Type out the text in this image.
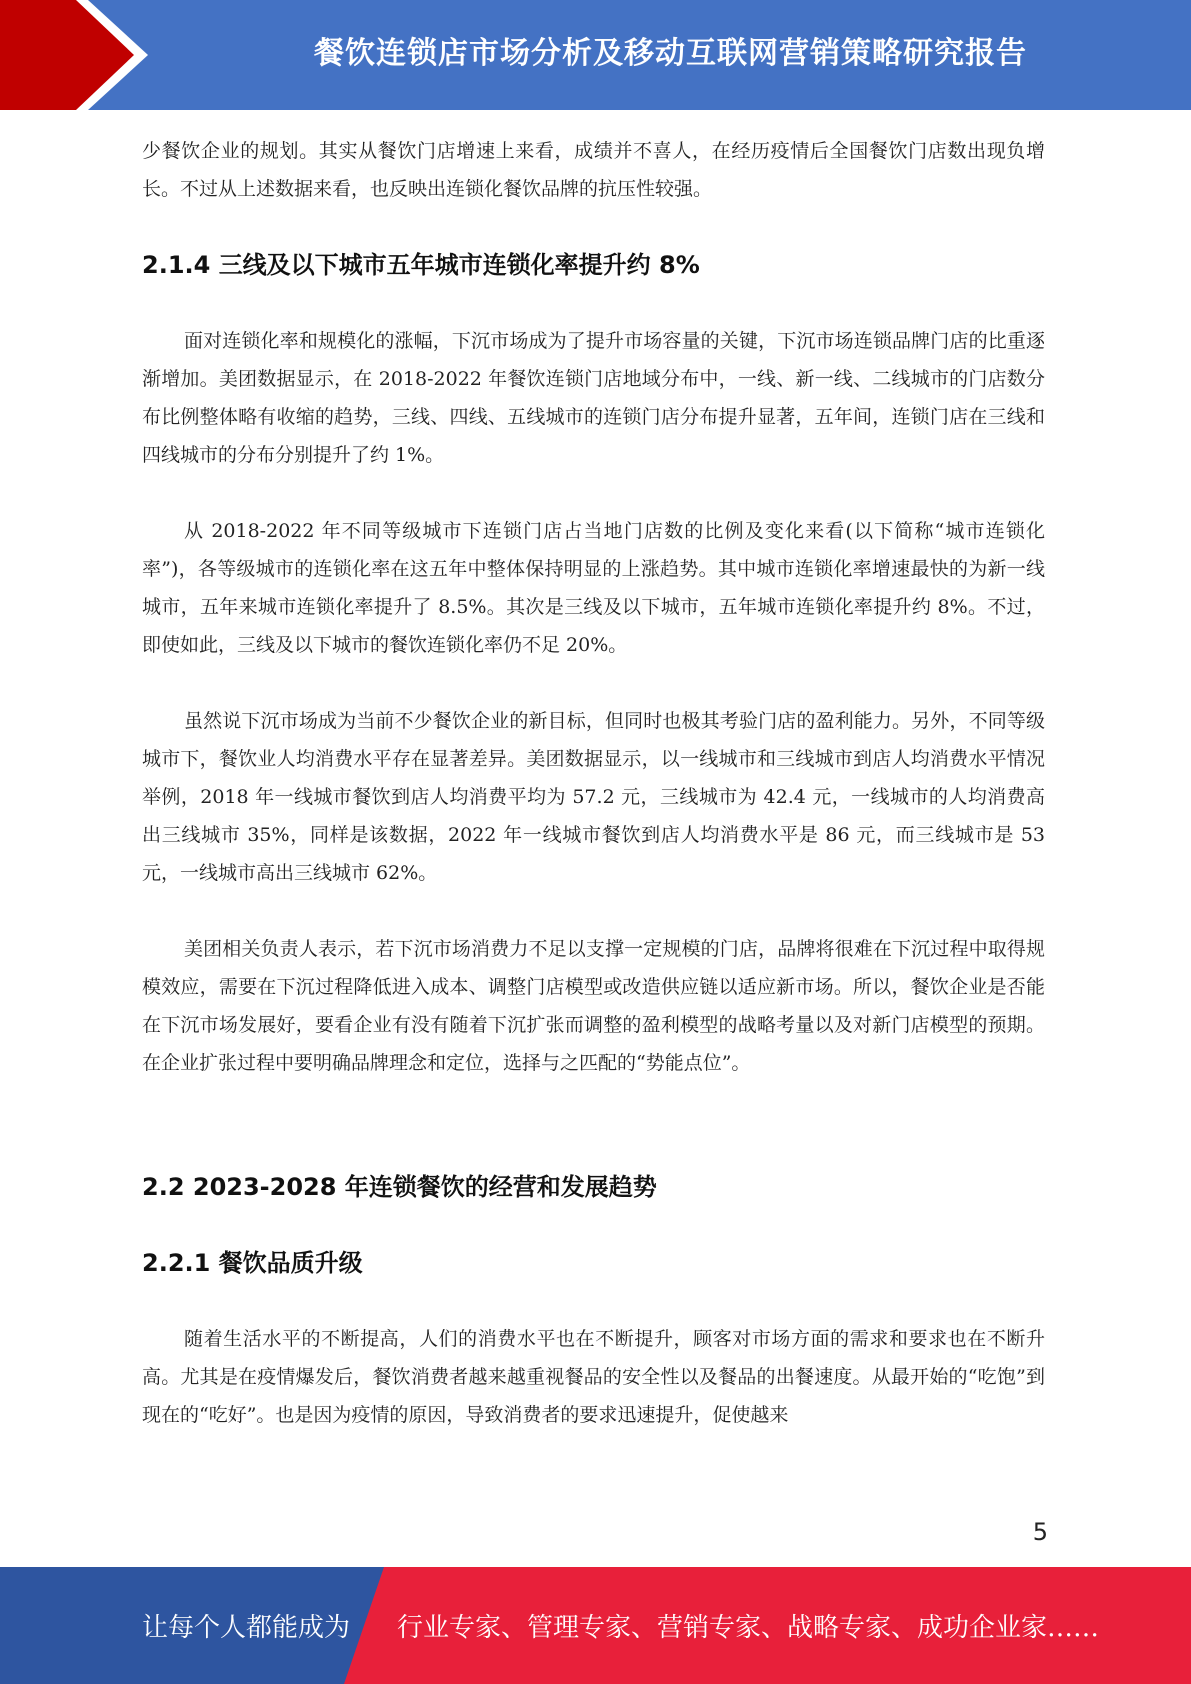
餐饮连锁店市场分析及移动互联网营销策略研究报告

少餐饮企业的规划。其实从餐饮门店增速上来看，成绩并不喜人，在经历疫情后全国餐饮门店数出现负增长。不过从上述数据来看，也反映出连锁化餐饮品牌的抗压性较强。

2.1.4 三线及以下城市五年城市连锁化率提升约 8%

面对连锁化率和规模化的涨幅，下沉市场成为了提升市场容量的关键，下沉市场连锁品牌门店的比重逐渐增加。美团数据显示，在 2018-2022 年餐饮连锁门店地域分布中，一线、新一线、二线城市的门店数分布比例整体略有收缩的趋势，三线、四线、五线城市的连锁门店分布提升显著，五年间，连锁门店在三线和四线城市的分布分别提升了约 1%。

从 2018-2022 年不同等级城市下连锁门店占当地门店数的比例及变化来看(以下简称“城市连锁化率”)，各等级城市的连锁化率在这五年中整体保持明显的上涨趋势。其中城市连锁化率增速最快的为新一线城市，五年来城市连锁化率提升了 8.5%。其次是三线及以下城市，五年城市连锁化率提升约 8%。不过，即使如此，三线及以下城市的餐饮连锁化率仍不足 20%。

虽然说下沉市场成为当前不少餐饮企业的新目标，但同时也极其考验门店的盈利能力。另外，不同等级城市下，餐饮业人均消费水平存在显著差异。美团数据显示，以一线城市和三线城市到店人均消费水平情况举例，2018 年一线城市餐饮到店人均消费平均为 57.2 元，三线城市为 42.4 元，一线城市的人均消费高出三线城市 35%，同样是该数据，2022 年一线城市餐饮到店人均消费水平是 86 元，而三线城市是 53 元，一线城市高出三线城市 62%。

美团相关负责人表示，若下沉市场消费力不足以支撑一定规模的门店，品牌将很难在下沉过程中取得规模效应，需要在下沉过程降低进入成本、调整门店模型或改造供应链以适应新市场。所以，餐饮企业是否能在下沉市场发展好，要看企业有没有随着下沉扩张而调整的盈利模型的战略考量以及对新门店模型的预期。在企业扩张过程中要明确品牌理念和定位，选择与之匹配的“势能点位”。

2.2 2023-2028 年连锁餐饮的经营和发展趋势
2.2.1 餐饮品质升级

随着生活水平的不断提高，人们的消费水平也在不断提升，顾客对市场方面的需求和要求也在不断升高。尤其是在疫情爆发后，餐饮消费者越来越重视餐品的安全性以及餐品的出餐速度。从最开始的“吃饱”到现在的“吃好”。也是因为疫情的原因，导致消费者的要求迅速提升，促使越来

5
让每个人都能成为 行业专家、管理专家、营销专家、战略专家、成功企业家……
